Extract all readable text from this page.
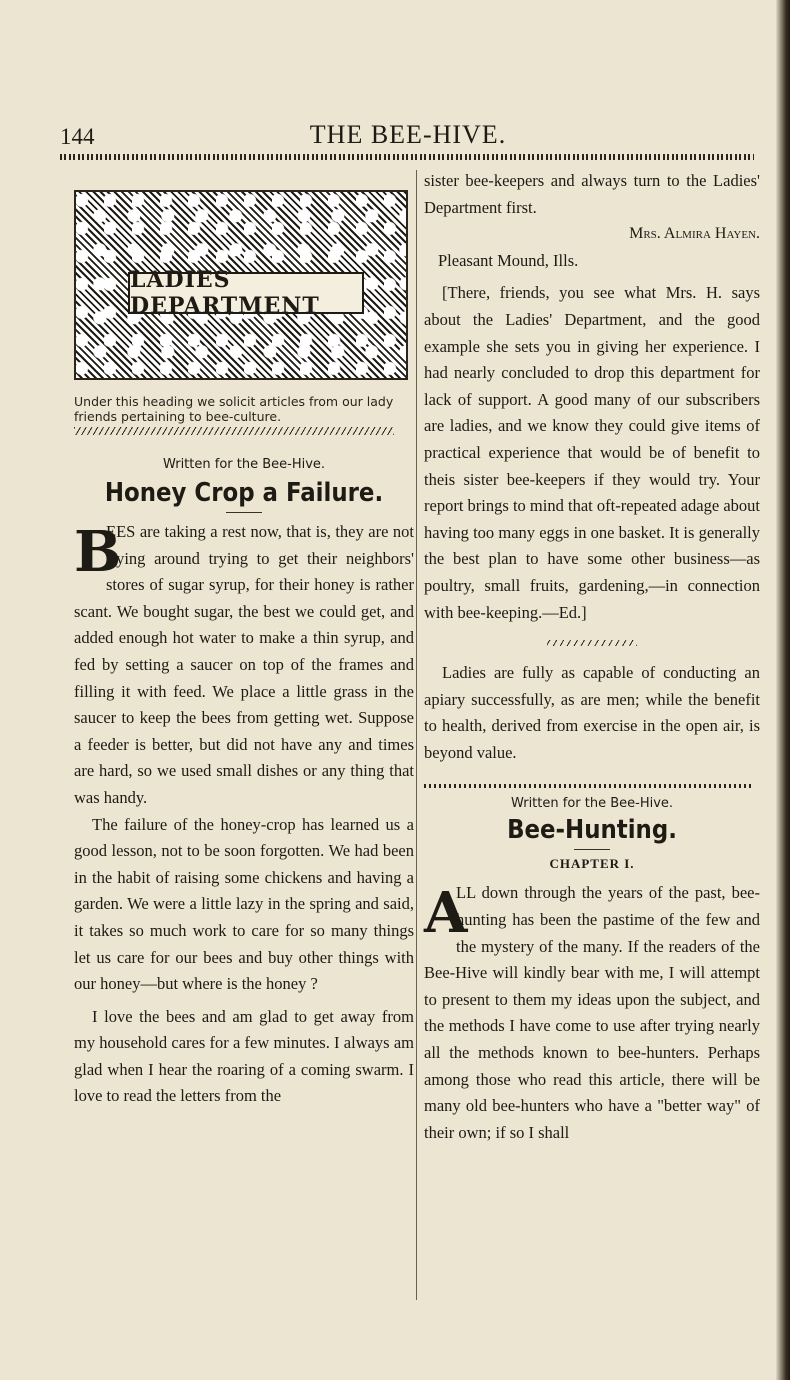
144	THE BEE-HIVE.
LADIES DEPARTMENT
Under this heading we solicit articles from our lady friends pertaining to bee-culture.
Written for the Bee-Hive.
Honey Crop a Failure.

B
EES are taking a rest now, that is, they are not flying around trying to get their neighbors' stores of sugar syrup, for their honey is rather scant. We bought sugar, the best we could get, and added enough hot water to make a thin syrup, and fed by setting a saucer on top of the frames and filling it with feed. We place a little grass in the saucer to keep the bees from getting wet. Suppose a feeder is better, but did not have any and times are hard, so we used small dishes or any thing that was handy.

The failure of the honey-crop has learned us a good lesson, not to be soon forgotten. We had been in the habit of raising some chickens and having a garden. We were a little lazy in the spring and said, it takes so much work to care for so many things let us care for our bees and buy other things with our honey—but where is the honey ?

I love the bees and am glad to get away from my household cares for a few minutes. I always am glad when I hear the roaring of a coming swarm. I love to read the letters from the

sister bee-keepers and always turn to the Ladies' Department first.

Mrs. Almira Hayen.
Pleasant Mound, Ills.

[There, friends, you see what Mrs. H. says about the Ladies' Department, and the good example she sets you in giving her experience. I had nearly concluded to drop this department for lack of support. A good many of our subscribers are ladies, and we know they could give items of practical experience that would be of benefit to theis sister bee-keepers if they would try. Your report brings to mind that oft-repeated adage about having too many eggs in one basket. It is generally the best plan to have some other business—as poultry, small fruits, gardening,—in connection with bee-keeping.—Ed.]

Ladies are fully as capable of conducting an apiary successfully, as are men; while the benefit to health, derived from exercise in the open air, is beyond value.

Written for the Bee-Hive.
Bee-Hunting.
CHAPTER I.

A
LL down through the years of the past, bee-hunting has been the pastime of the few and the mystery of the many. If the readers of the Bee-Hive will kindly bear with me, I will attempt to present to them my ideas upon the subject, and the methods I have come to use after trying nearly all the methods known to bee-hunters. Perhaps among those who read this article, there will be many old bee-hunters who have a "better way" of their own; if so I shall
